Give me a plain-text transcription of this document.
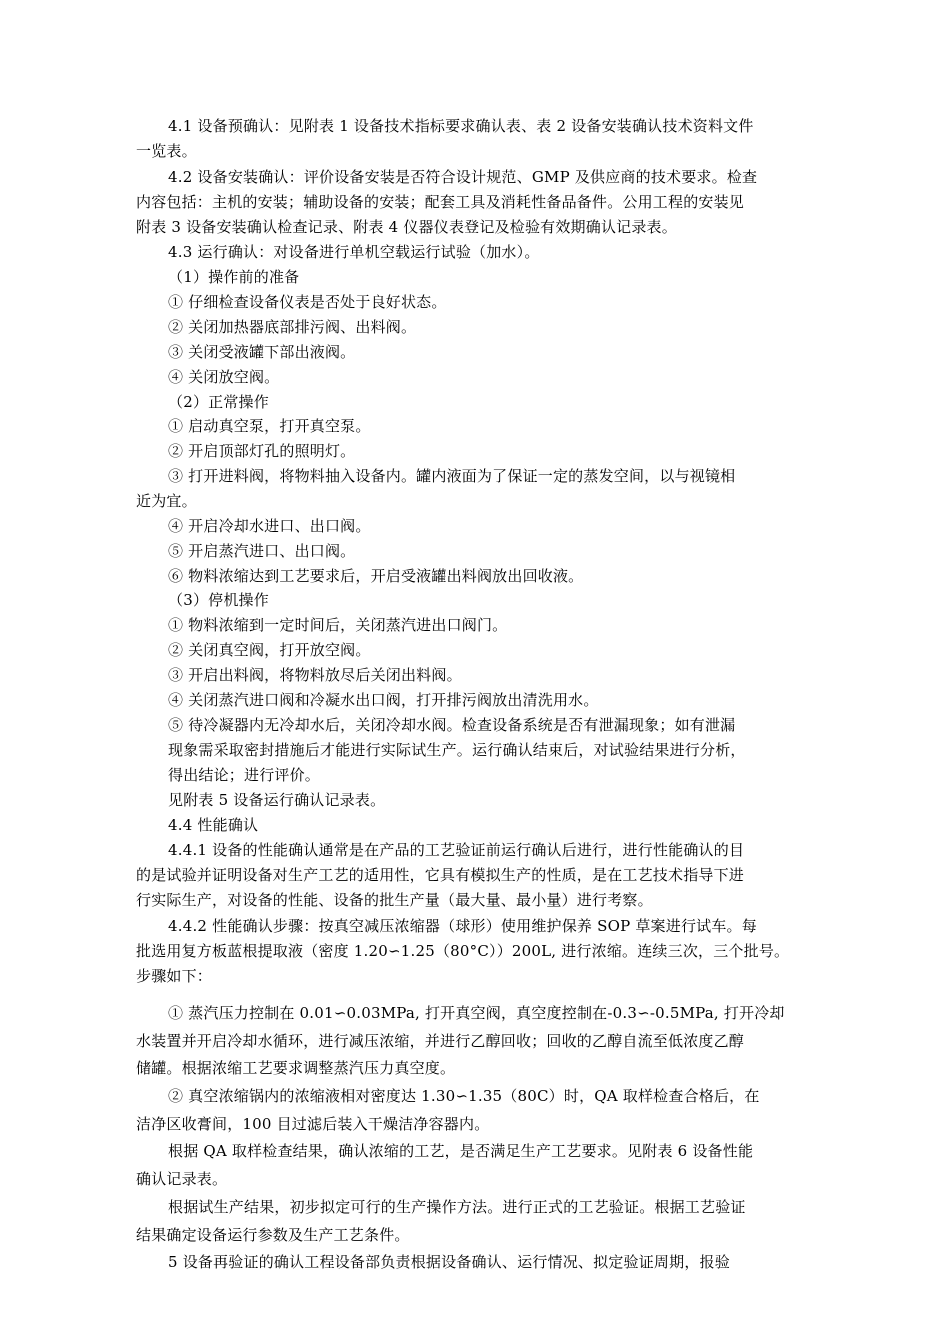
4.1 设备预确认：见附表 1 设备技术指标要求确认表、表 2 设备安装确认技术资料文件
一览表。
4.2 设备安装确认：评价设备安装是否符合设计规范、GMP 及供应商的技术要求。检查
内容包括：主机的安装；辅助设备的安装；配套工具及消耗性备品备件。公用工程的安装见
附表 3 设备安装确认检查记录、附表 4 仪器仪表登记及检验有效期确认记录表。
4.3 运行确认：对设备进行单机空载运行试验（加水）。
（1）操作前的准备
① 仔细检查设备仪表是否处于良好状态。
② 关闭加热器底部排污阀、出料阀。
③ 关闭受液罐下部出液阀。
④ 关闭放空阀。
（2）正常操作
① 启动真空泵，打开真空泵。
② 开启顶部灯孔的照明灯。
③ 打开进料阀，将物料抽入设备内。罐内液面为了保证一定的蒸发空间，以与视镜相
近为宜。
④ 开启冷却水进口、出口阀。
⑤ 开启蒸汽进口、出口阀。
⑥ 物料浓缩达到工艺要求后，开启受液罐出料阀放出回收液。
（3）停机操作
① 物料浓缩到一定时间后，关闭蒸汽进出口阀门。
② 关闭真空阀，打开放空阀。
③ 开启出料阀，将物料放尽后关闭出料阀。
④ 关闭蒸汽进口阀和冷凝水出口阀，打开排污阀放出清洗用水。
⑤ 待冷凝器内无冷却水后，关闭冷却水阀。检查设备系统是否有泄漏现象；如有泄漏
现象需采取密封措施后才能进行实际试生产。运行确认结束后，对试验结果进行分析，
得出结论；进行评价。
见附表 5 设备运行确认记录表。
4.4 性能确认
4.4.1 设备的性能确认通常是在产品的工艺验证前运行确认后进行，进行性能确认的目
的是试验并证明设备对生产工艺的适用性，它具有模拟生产的性质，是在工艺技术指导下进
行实际生产，对设备的性能、设备的批生产量（最大量、最小量）进行考察。
4.4.2 性能确认步骤：按真空减压浓缩器（球形）使用维护保养 SOP 草案进行试车。每
批选用复方板蓝根提取液（密度 1.20∽1.25（80°C））200L, 进行浓缩。连续三次，三个批号。
步骤如下：
① 蒸汽压力控制在 0.01∽0.03MPa, 打开真空阀，真空度控制在-0.3∽-0.5MPa, 打开冷却
水装置并开启冷却水循环，进行减压浓缩，并进行乙醇回收；回收的乙醇自流至低浓度乙醇
储罐。根据浓缩工艺要求调整蒸汽压力真空度。
② 真空浓缩锅内的浓缩液相对密度达 1.30∽1.35（80C）时，QA 取样检查合格后，在
洁净区收膏间，100 目过滤后装入干燥洁净容器内。
根据 QA 取样检查结果，确认浓缩的工艺，是否满足生产工艺要求。见附表 6 设备性能
确认记录表。
根据试生产结果，初步拟定可行的生产操作方法。进行正式的工艺验证。根据工艺验证
结果确定设备运行参数及生产工艺条件。
5 设备再验证的确认工程设备部负责根据设备确认、运行情况、拟定验证周期，报验
